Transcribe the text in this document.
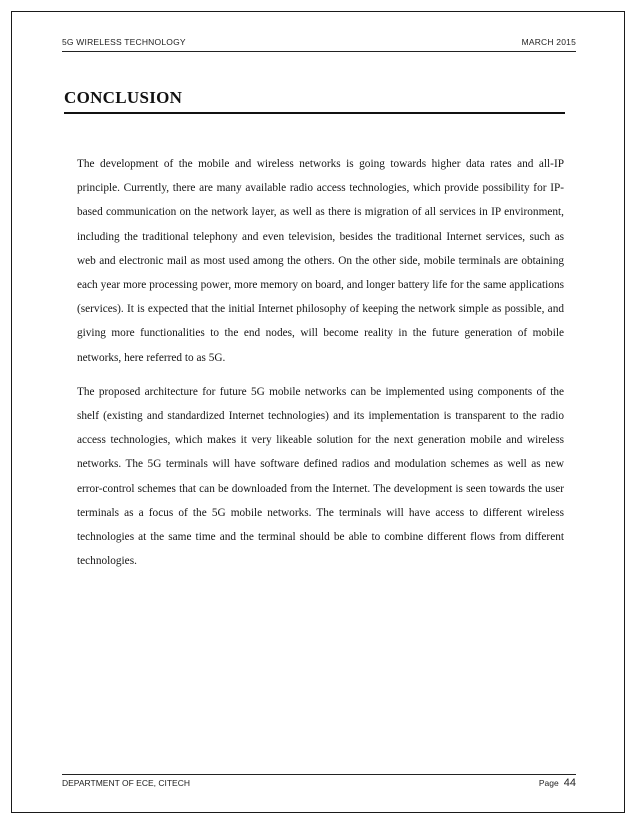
5G WIRELESS TECHNOLOGY	MARCH 2015
CONCLUSION

The development of the mobile and wireless networks is going towards higher data rates and all-IP principle. Currently, there are many available radio access technologies, which provide possibility for IP-based communication on the network layer, as well as there is migration of all services in IP environment, including the traditional telephony and even television, besides the traditional Internet services, such as web and electronic mail as most used among the others. On the other side, mobile terminals are obtaining each year more processing power, more memory on board, and longer battery life for the same applications (services). It is expected that the initial Internet philosophy of keeping the network simple as possible, and giving more functionalities to the end nodes, will become reality in the future generation of mobile networks, here referred to as 5G.

The proposed architecture for future 5G mobile networks can be implemented using components of the shelf (existing and standardized Internet technologies) and its implementation is transparent to the radio access technologies, which makes it very likeable solution for the next generation mobile and wireless networks. The 5G terminals will have software defined radios and modulation schemes as well as new error-control schemes that can be downloaded from the Internet. The development is seen towards the user terminals as a focus of the 5G mobile networks. The terminals will have access to different wireless technologies at the same time and the terminal should be able to combine different flows from different technologies.

DEPARTMENT OF ECE, CITECH	Page 44
